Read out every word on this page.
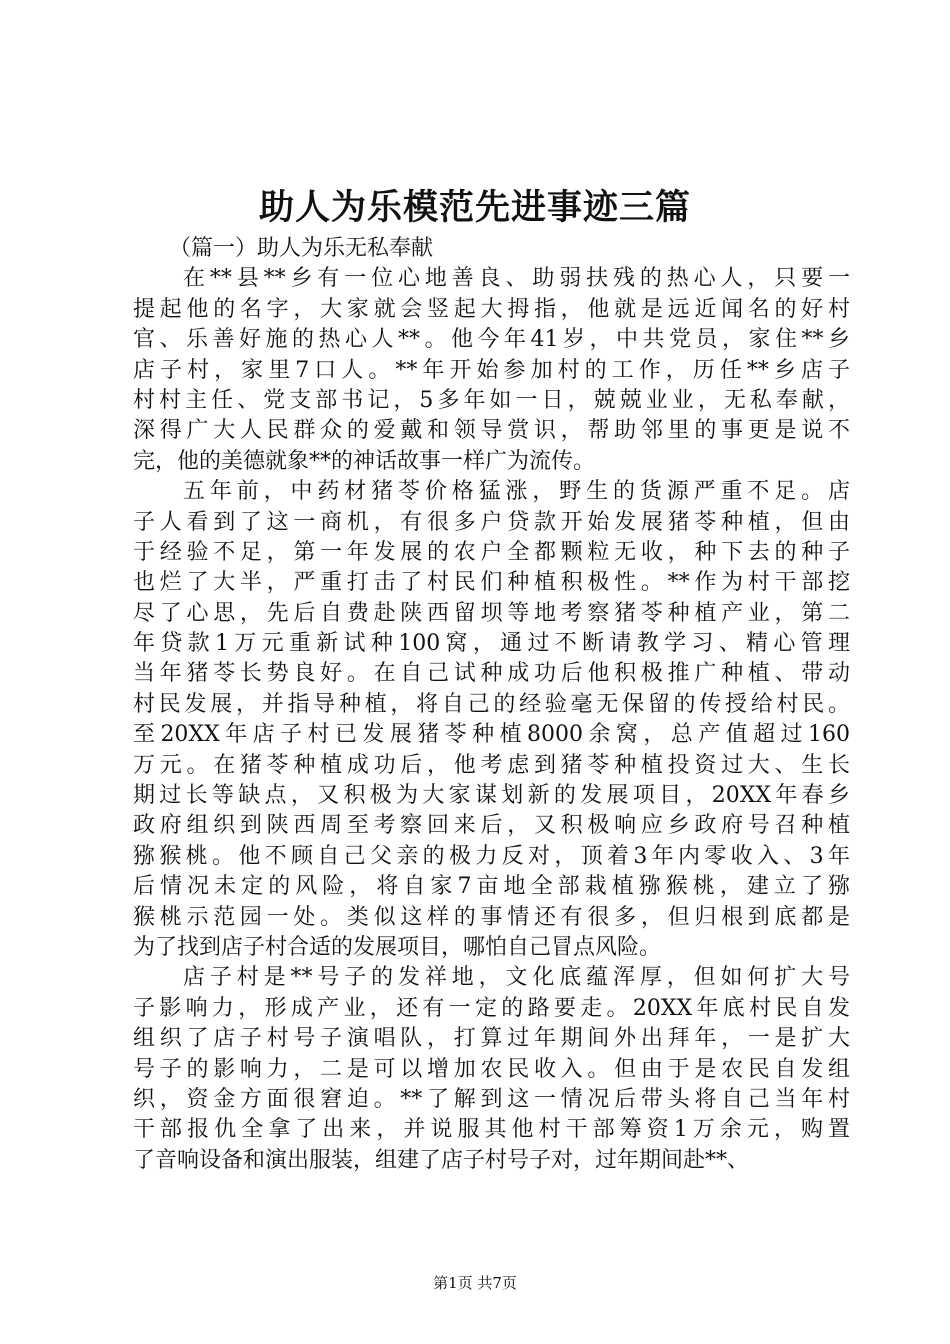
助人为乐模范先进事迹三篇

（篇一）助人为乐无私奉献

在**县**乡有一位心地善良、助弱扶残的热心人，只要一
提起他的名字，大家就会竖起大拇指，他就是远近闻名的好村
官、乐善好施的热心人**。他今年41岁，中共党员，家住**乡
店子村，家里7口人。**年开始参加村的工作，历任**乡店子
村村主任、党支部书记，5多年如一日，兢兢业业，无私奉献，
深得广大人民群众的爱戴和领导赏识，帮助邻里的事更是说不
完，他的美德就象**的神话故事一样广为流传。

五年前，中药材猪苓价格猛涨，野生的货源严重不足。店
子人看到了这一商机，有很多户贷款开始发展猪苓种植，但由
于经验不足，第一年发展的农户全都颗粒无收，种下去的种子
也烂了大半，严重打击了村民们种植积极性。**作为村干部挖
尽了心思，先后自费赴陕西留坝等地考察猪苓种植产业，第二
年贷款1万元重新试种100窝，通过不断请教学习、精心管理
当年猪苓长势良好。在自己试种成功后他积极推广种植、带动
村民发展，并指导种植，将自己的经验毫无保留的传授给村民。
至20XX年店子村已发展猪苓种植8000余窝，总产值超过160
万元。在猪苓种植成功后，他考虑到猪苓种植投资过大、生长
期过长等缺点，又积极为大家谋划新的发展项目，20XX年春乡
政府组织到陕西周至考察回来后，又积极响应乡政府号召种植
猕猴桃。他不顾自己父亲的极力反对，顶着3年内零收入、3年
后情况未定的风险，将自家7亩地全部栽植猕猴桃，建立了猕
猴桃示范园一处。类似这样的事情还有很多，但归根到底都是
为了找到店子村合适的发展项目，哪怕自己冒点风险。

店子村是**号子的发祥地，文化底蕴浑厚，但如何扩大号
子影响力，形成产业，还有一定的路要走。20XX年底村民自发
组织了店子村号子演唱队，打算过年期间外出拜年，一是扩大
号子的影响力，二是可以增加农民收入。但由于是农民自发组
织，资金方面很窘迫。**了解到这一情况后带头将自己当年村
干部报仇全拿了出来，并说服其他村干部筹资1万余元，购置
了音响设备和演出服装，组建了店子村号子对，过年期间赴**、

第1页 共7页
